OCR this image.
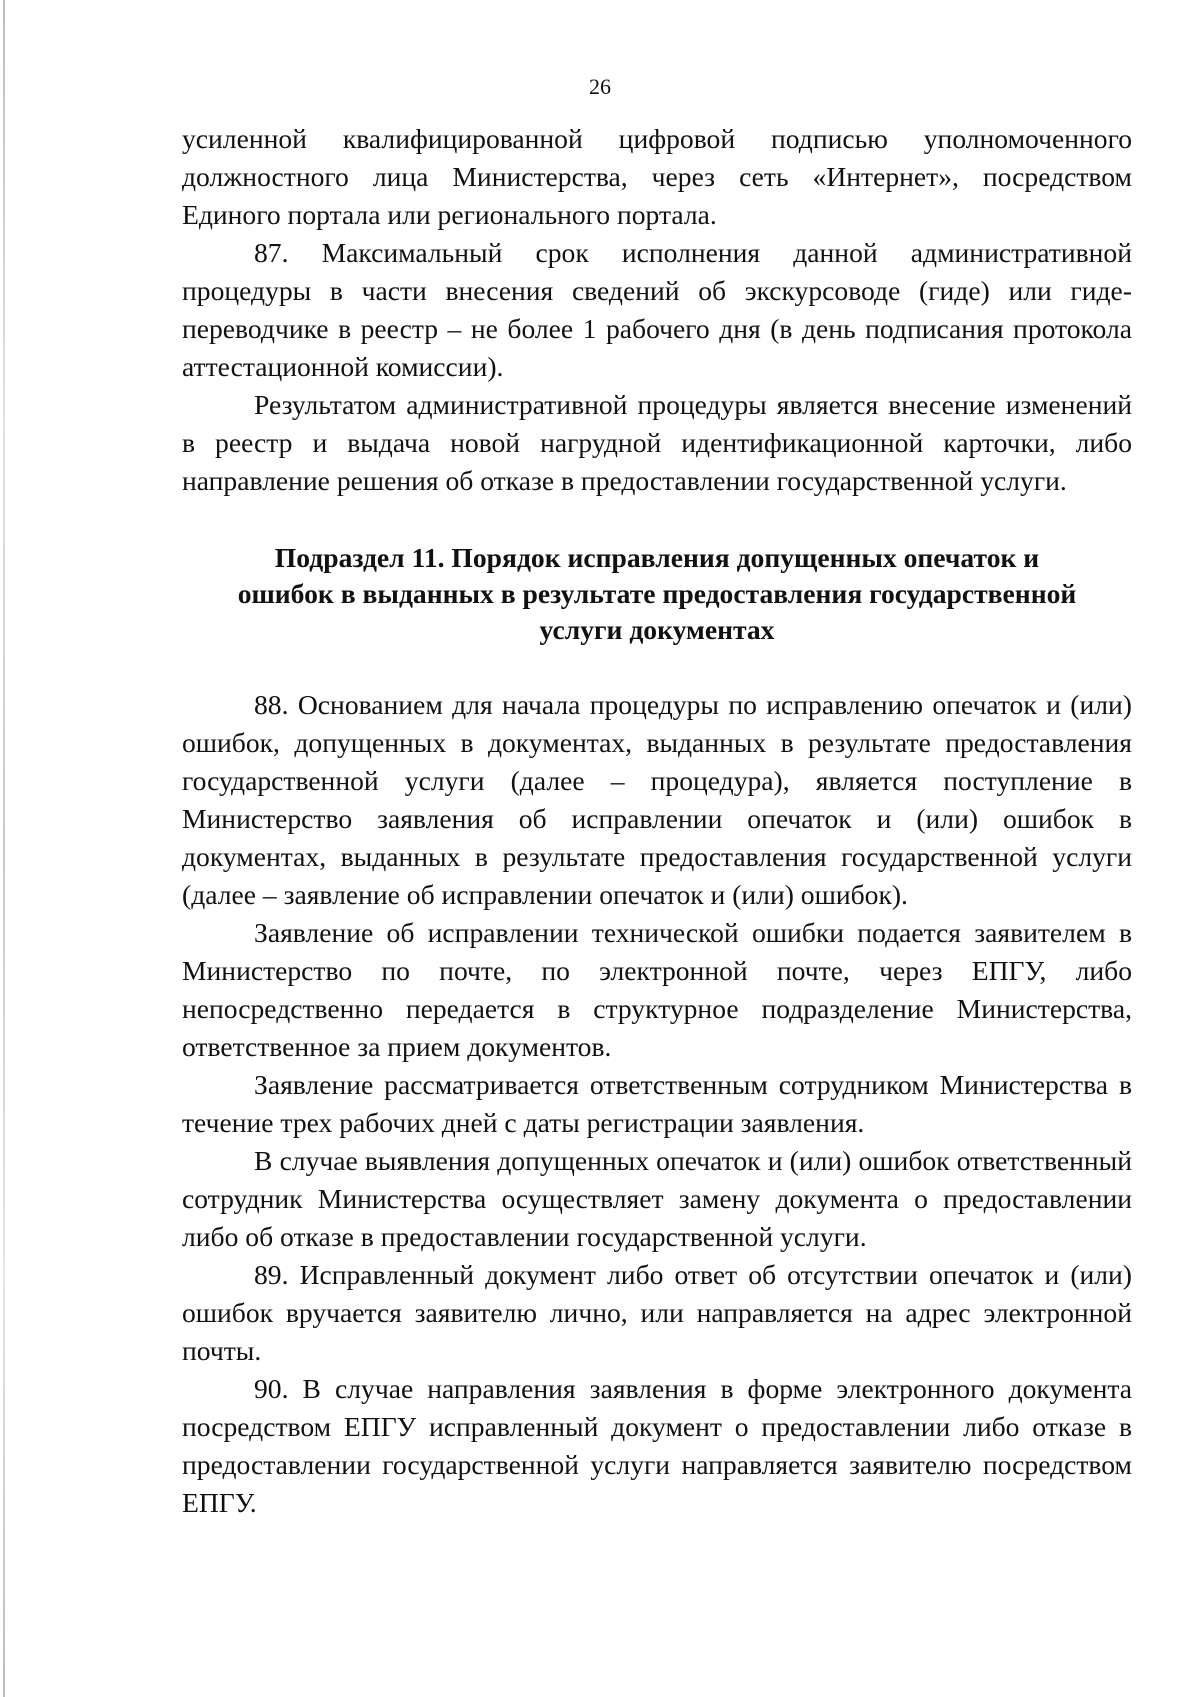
26

усиленной квалифицированной цифровой подписью уполномоченного должностного лица Министерства, через сеть «Интернет», посредством Единого портала или регионального портала.

87. Максимальный срок исполнения данной административной процедуры в части внесения сведений об экскурсоводе (гиде) или гиде-переводчике в реестр – не более 1 рабочего дня (в день подписания протокола аттестационной комиссии).

Результатом административной процедуры является внесение изменений в реестр и выдача новой нагрудной идентификационной карточки, либо направление решения об отказе в предоставлении государственной услуги.

Подраздел 11. Порядок исправления допущенных опечаток и
ошибок в выданных в результате предоставления государственной
услуги документах

88. Основанием для начала процедуры по исправлению опечаток и (или) ошибок, допущенных в документах, выданных в результате предоставления государственной услуги (далее – процедура), является поступление в Министерство заявления об исправлении опечаток и (или) ошибок в документах, выданных в результате предоставления государственной услуги (далее – заявление об исправлении опечаток и (или) ошибок).

Заявление об исправлении технической ошибки подается заявителем в Министерство по почте, по электронной почте, через ЕПГУ, либо непосредственно передается в структурное подразделение Министерства, ответственное за прием документов.

Заявление рассматривается ответственным сотрудником Министерства в течение трех рабочих дней с даты регистрации заявления.

В случае выявления допущенных опечаток и (или) ошибок ответственный сотрудник Министерства осуществляет замену документа о предоставлении либо об отказе в предоставлении государственной услуги.

89. Исправленный документ либо ответ об отсутствии опечаток и (или) ошибок вручается заявителю лично, или направляется на адрес электронной почты.

90. В случае направления заявления в форме электронного документа посредством ЕПГУ исправленный документ о предоставлении либо отказе в предоставлении государственной услуги направляется заявителю посредством ЕПГУ.
